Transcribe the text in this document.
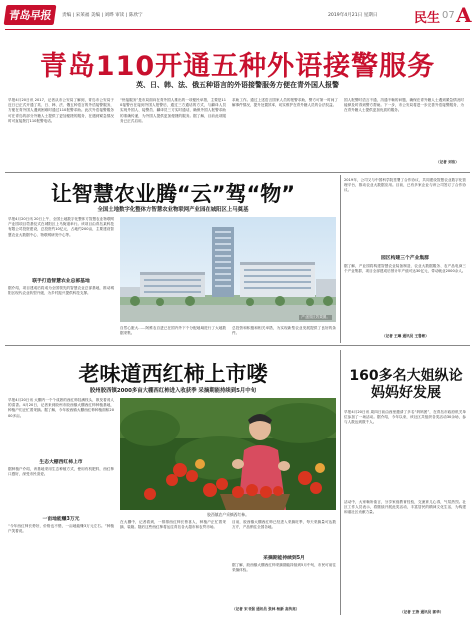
青岛早报 责编 | 宋莱福 美编 | 刘晔 审读 | 陈欣宁	2019年4月21日 星期日	民生 07 A
青岛110开通五种外语接警服务
英、日、韩、法、俄五种语言的外语接警服务方便在青外国人报警
早报4月20日讯 2017，记者从市公安局了解到，青岛市公安局于近日已正式开通了英、日、韩、法、俄五种语言的外语接警服务，方便在青外国人遇到困难时通过110报警求助。此次外语接警服务可在青岛的部分外籍人士提供了更加便捷的服务，在遇到紧急情况时可直接拨打110报警电话。
“快接服务”是市局面向在青外国人推出的一项便民举措，主要是110接警台在接到外国人报警后，通过三方通话的方式，与翻译人员实现外国人、接警员、翻译员三方实时通话，确保外国人报警求助的准确传递，为外国人提供更加便捷的服务。据了解，目前此项服务已正式启用。
求助工作。通过上述语言国家人员的报警求助，警方可第一时间了解事件情况，提升处置效率，切实维护在青外籍人员的合法权益。
国人报警时语言不通，沟通不畅的问题，确保在青外籍人士遇到紧急情况时能够及时得到警方帮助。下一步，市公安局将进一步完善外语接警服务，为在青外籍人士提供更加优质的服务。
（记者 刘洁）
让智慧农业腾“云”驾“物”
全国土地数字化整体方智慧农业物联网产业园在城阳区上马奠基
早报4月20日讯 20日上午，全国土地数字化整体方智慧农业物联网产业园项目奠基仪式在城阳区上马街道举行。该项目由青岛某科技有限公司投资建设，总投资约10亿元，占地约200亩，主要建设智慧农业大数据中心、物联网研发中心等。
联手打造智慧农业总部基地
据介绍，项目建成后将成为全国领先的智慧农业总部基地，推动城阳区现代农业转型升级，为乡村振兴提供科技支撑。
产业园区效果图。
自然心脏大……阿维农自进已在国内外下个分配地域进行了大地数据采集。
总投资和积极和相关举措，为实现新型农业发展提供了良好的条件。
2019年，公司又与中国科学院签署了合作协议，共同建设智慧农业数字化管理平台，推动农业大数据应用。目前，已有多家企业与该公司签订了合作协议。
园区构建三个产业集群
据了解，产业园将构建智慧农业装备制造、农业大数据服务、农产品电商三个产业集群，项目全部建成后预计年产值可达30亿元，带动就业2000余人。
（记者 王琳 通讯员 王鲁彬）
老味道西红柿上市喽
胶州胶西镇2000多亩大棚西红柿进入收获季 采摘期能持续到5月中旬
早报4月20日讯 大棚内一个个成熟的西红柿挂满枝头，散发着诱人的清香。4月20日，记者来到胶州市胶西镇大棚西红柿种植基地，种植户们正忙着采摘。据了解，今年胶西镇大棚西红柿种植面积2000多亩。
生态大棚西红柿上市
据种植户介绍，该基地采用生态种植方式，使用有机肥料，西红柿口感好，深受市民喜爱。
一亩地能赚3万元
“今年西红柿长势好，价格也不错，一亩地能赚3万元左右。”种植户笑着说。
胶西镇农户采摘西红柿。
在大棚中，记者看到，一排排西红柿长势喜人，种植户正忙着采摘、装箱。随后这些西红柿将运往青岛各大超市和农贸市场。
目前，胶西镇大棚西红柿已经进入采摘旺季，每天采摘量可达数万斤，产品销往全国各地。
采摘期能持续到5月
据了解，胶西镇大棚西红柿采摘期能持续到5月中旬，市民可前往采摘体验。
（记者 宋书强 通讯员 张林 杨新 高传亮）
160多名大姐纵论妈妈好发展
早报4月20日讯 周四日前由西里邀请了多名“妈妈团”，在青岛市政府机关单位参加了一场活动。据介绍，今年以来，该社区共组织各类活动30余场，参与人数达到数千人。
活动中，大家畅所欲言，分享家庭教育经验，交流育儿心得，气氛热烈。社区工作人员表示，将继续开展此类活动，丰富居民的精神文化生活，为构建和谐社区贡献力量。
（记者 王涛 通讯员 郭华）
